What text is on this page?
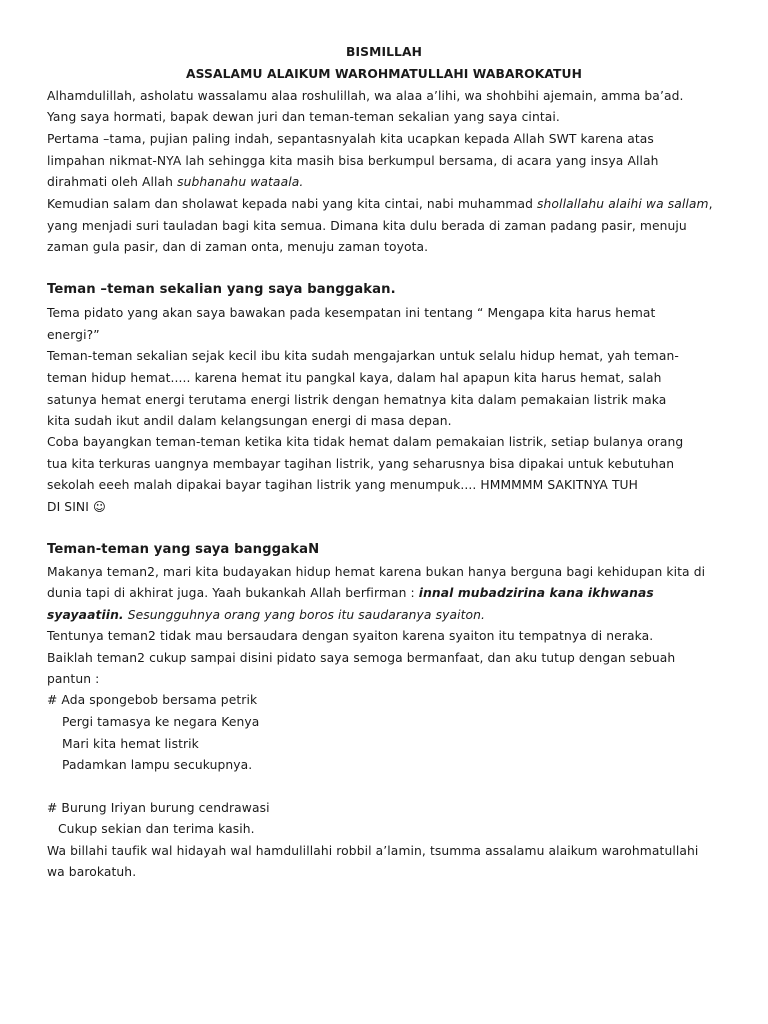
BISMILLAH
ASSALAMU ALAIKUM WAROHMATULLAHI WABAROKATUH
Alhamdulillah, asholatu wassalamu alaa roshulillah, wa alaa a’lihi, wa shohbihi ajemain, amma ba’ad.
Yang saya hormati, bapak dewan juri dan teman-teman sekalian yang saya cintai.
Pertama –tama, pujian paling indah, sepantasnyalah kita ucapkan kepada Allah SWT karena atas
limpahan nikmat-NYA lah sehingga kita masih bisa berkumpul bersama, di acara yang insya Allah
dirahmati oleh Allah subhanahu wataala.
Kemudian salam dan sholawat kepada nabi yang kita cintai, nabi muhammad shollallahu alaihi wa sallam,
yang menjadi suri tauladan bagi kita semua. Dimana kita dulu berada di zaman padang pasir, menuju
zaman gula pasir, dan di zaman onta, menuju zaman toyota.
Teman –teman sekalian yang saya banggakan.
Tema pidato yang akan saya bawakan pada kesempatan ini tentang “ Mengapa kita harus hemat
energi?”
Teman-teman sekalian sejak kecil ibu kita sudah mengajarkan untuk selalu hidup hemat, yah teman-
teman hidup hemat..... karena hemat itu pangkal kaya, dalam hal apapun kita harus hemat, salah
satunya hemat energi terutama energi listrik dengan hematnya kita dalam pemakaian listrik maka
kita sudah ikut andil dalam kelangsungan energi di masa depan.
Coba bayangkan teman-teman ketika kita tidak hemat dalam pemakaian listrik, setiap bulanya orang
tua kita terkuras uangnya membayar tagihan listrik, yang seharusnya bisa dipakai untuk kebutuhan
sekolah eeeh malah dipakai bayar tagihan listrik yang menumpuk.... HMMMMM SAKITNYA TUH
DI SINI ☺
Teman-teman yang saya banggakaN
Makanya teman2, mari kita budayakan hidup hemat karena bukan hanya berguna bagi kehidupan kita di
dunia tapi di akhirat juga. Yaah bukankah Allah berfirman : innal mubadzirina kana ikhwanas
syayaatiin. Sesungguhnya orang yang boros itu saudaranya syaiton.
Tentunya teman2 tidak mau bersaudara dengan syaiton karena syaiton itu tempatnya di neraka.
Baiklah teman2 cukup sampai disini pidato saya semoga bermanfaat, dan aku tutup dengan sebuah
pantun :
# Ada spongebob bersama petrik
Pergi tamasya ke negara Kenya
Mari kita hemat listrik
Padamkan lampu secukupnya.
# Burung Iriyan burung cendrawasi
Cukup sekian dan terima kasih.
Wa billahi taufik wal hidayah wal hamdulillahi robbil a’lamin, tsumma assalamu alaikum warohmatullahi
wa barokatuh.
